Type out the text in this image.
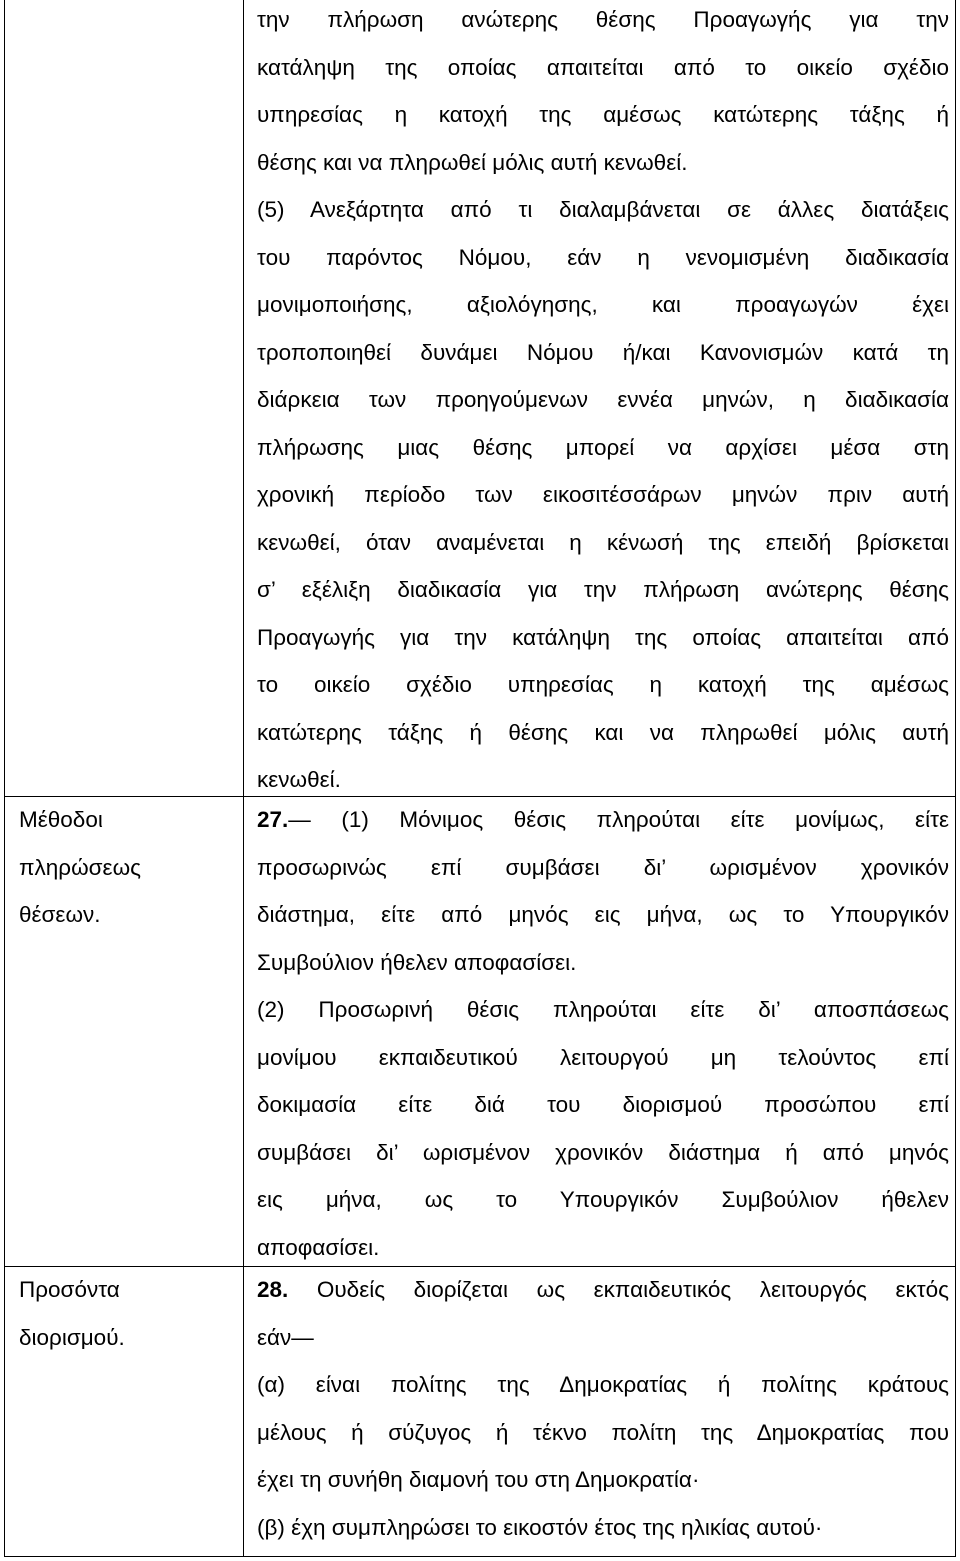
την πλήρωση ανώτερης θέσης Προαγωγής για την
κατάληψη της οποίας απαιτείται από το οικείο σχέδιο
υπηρεσίας η κατοχή της αμέσως κατώτερης τάξης ή
θέσης και να πληρωθεί μόλις αυτή κενωθεί.
(5) Ανεξάρτητα από τι διαλαμβάνεται σε άλλες διατάξεις
του παρόντος Νόμου, εάν η νενομισμένη διαδικασία
μονιμοποιήσης, αξιολόγησης, και προαγωγών έχει
τροποποιηθεί δυνάμει Νόμου ή/και Κανονισμών κατά τη
διάρκεια των προηγούμενων εννέα μηνών, η διαδικασία
πλήρωσης μιας θέσης μπορεί να αρχίσει μέσα στη
χρονική περίοδο των εικοσιτέσσάρων μηνών πριν αυτή
κενωθεί, όταν αναμένεται η κένωσή της επειδή βρίσκεται
σ’ εξέλιξη διαδικασία για την πλήρωση ανώτερης θέσης
Προαγωγής για την κατάληψη της οποίας απαιτείται από
το οικείο σχέδιο υπηρεσίας η κατοχή της αμέσως
κατώτερης τάξης ή θέσης και να πληρωθεί μόλις αυτή
κενωθεί.
Μέθοδοι
πληρώσεως
θέσεων.
27.— (1) Μόνιμος θέσις πληρούται είτε μονίμως, είτε
προσωρινώς επί συμβάσει δι’ ωρισμένον χρονικόν
διάστημα, είτε από μηνός εις μήνα, ως το Υπουργικόν
Συμβούλιον ήθελεν αποφασίσει.
(2) Προσωρινή θέσις πληρούται είτε δι’ αποσπάσεως
μονίμου εκπαιδευτικού λειτουργού μη τελούντος επί
δοκιμασία είτε διά του διορισμού προσώπου επί
συμβάσει δι’ ωρισμένον χρονικόν διάστημα ή από μηνός
εις μήνα, ως το Υπουργικόν Συμβούλιον ήθελεν
αποφασίσει.
Προσόντα
διορισμού.
28. Ουδείς διορίζεται ως εκπαιδευτικός λειτουργός εκτός
εάν—
(α) είναι πολίτης της Δημοκρατίας ή πολίτης κράτους
μέλους ή σύζυγος ή τέκνο πολίτη της Δημοκρατίας που
έχει τη συνήθη διαμονή του στη Δημοκρατία·
(β) έχη συμπληρώσει το εικοστόν έτος της ηλικίας αυτού·
